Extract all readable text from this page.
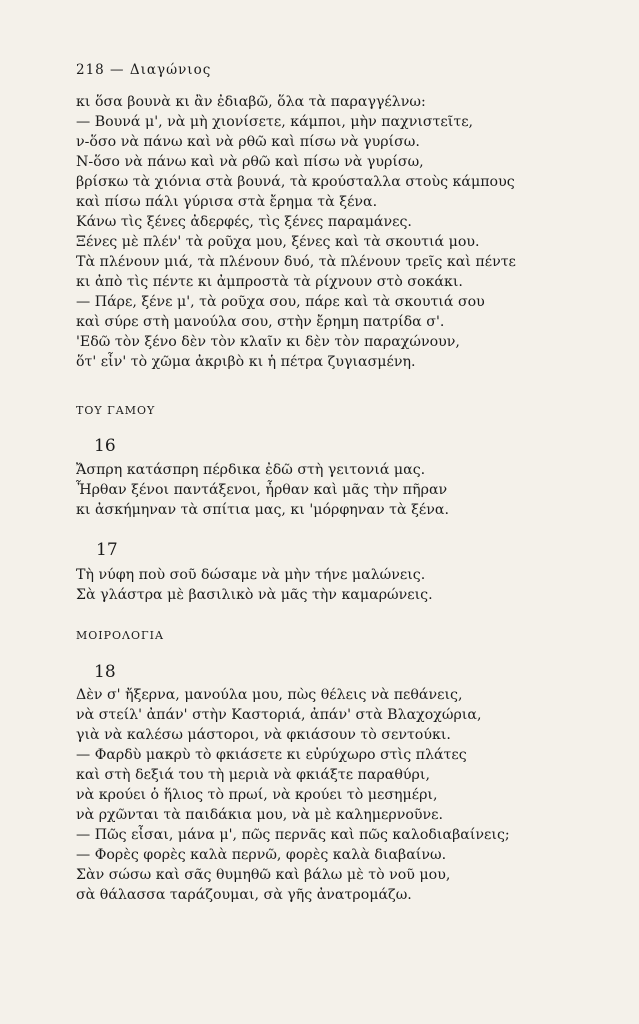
218 — Διαγώνιος
κι ὅσα βουνὰ κι ἂν ἐδιαβῶ, ὅλα τὰ παραγγέλνω:
— Βουνά μ', νὰ μὴ χιονίσετε, κάμποι, μὴν παχνιστεῖτε,
ν-ὅσο νὰ πάνω καὶ νὰ ρθῶ καὶ πίσω νὰ γυρίσω.
Ν-ὅσο νὰ πάνω καὶ νὰ ρθῶ καὶ πίσω νὰ γυρίσω,
βρίσκω τὰ χιόνια στὰ βουνά, τὰ κρούσταλλα στοὺς κάμπους
καὶ πίσω πάλι γύρισα στὰ ἔρημα τὰ ξένα.
Κάνω τὶς ξένες ἀδερφές, τὶς ξένες παραμάνες.
Ξένες μὲ πλέν' τὰ ροῦχα μου, ξένες καὶ τὰ σκουτιά μου.
Τὰ πλένουν μιά, τὰ πλένουν δυό, τὰ πλένουν τρεῖς καὶ πέντε
κι ἀπὸ τὶς πέντε κι ἀμπροστὰ τὰ ρίχνουν στὸ σοκάκι.
— Πάρε, ξένε μ', τὰ ροῦχα σου, πάρε καὶ τὰ σκουτιά σου
καὶ σύρε στὴ μανούλα σου, στὴν ἔρημη πατρίδα σ'.
'Εδῶ τὸν ξένο δὲν τὸν κλαῖν κι δὲν τὸν παραχώνουν,
ὅτ' εἶν' τὸ χῶμα ἀκριβὸ κι ἡ πέτρα ζυγιασμένη.
ΤΟΥ ΓΑΜΟΥ
16
Ἄσπρη κατάσπρη πέρδικα ἐδῶ στὴ γειτονιά μας.
Ἦρθαν ξένοι παντάξενοι, ἦρθαν καὶ μᾶς τὴν πῆραν
κι ἀσκήμηναν τὰ σπίτια μας, κι 'μόρφηναν τὰ ξένα.
17
Τὴ νύφη ποὺ σοῦ δώσαμε νὰ μὴν τήνε μαλώνεις.
Σὰ γλάστρα μὲ βασιλικὸ νὰ μᾶς τὴν καμαρώνεις.
ΜΟΙΡΟΛΟΓΙΑ
18
Δὲν σ' ἤξερνα, μανούλα μου, πὼς θέλεις νὰ πεθάνεις,
νὰ στείλ' ἀπάν' στὴν Καστοριά, ἀπάν' στὰ Βλαχοχώρια,
γιὰ νὰ καλέσω μάστοροι, νὰ φκιάσουν τὸ σεντούκι.
— Φαρδὺ μακρὺ τὸ φκιάσετε κι εὐρύχωρο στὶς πλάτες
καὶ στὴ δεξιά του τὴ μεριὰ νὰ φκιάξτε παραθύρι,
νὰ κρούει ὁ ἥλιος τὸ πρωί, νὰ κρούει τὸ μεσημέρι,
νὰ ρχῶνται τὰ παιδάκια μου, νὰ μὲ καλημερνοῦνε.
— Πῶς εἶσαι, μάνα μ', πῶς περνᾶς καὶ πῶς καλοδιαβαίνεις;
— Φορὲς φορὲς καλὰ περνῶ, φορὲς καλὰ διαβαίνω.
Σὰν σώσω καὶ σᾶς θυμηθῶ καὶ βάλω μὲ τὸ νοῦ μου,
σὰ θάλασσα ταράζουμαι, σὰ γῆς ἀνατρομάζω.
